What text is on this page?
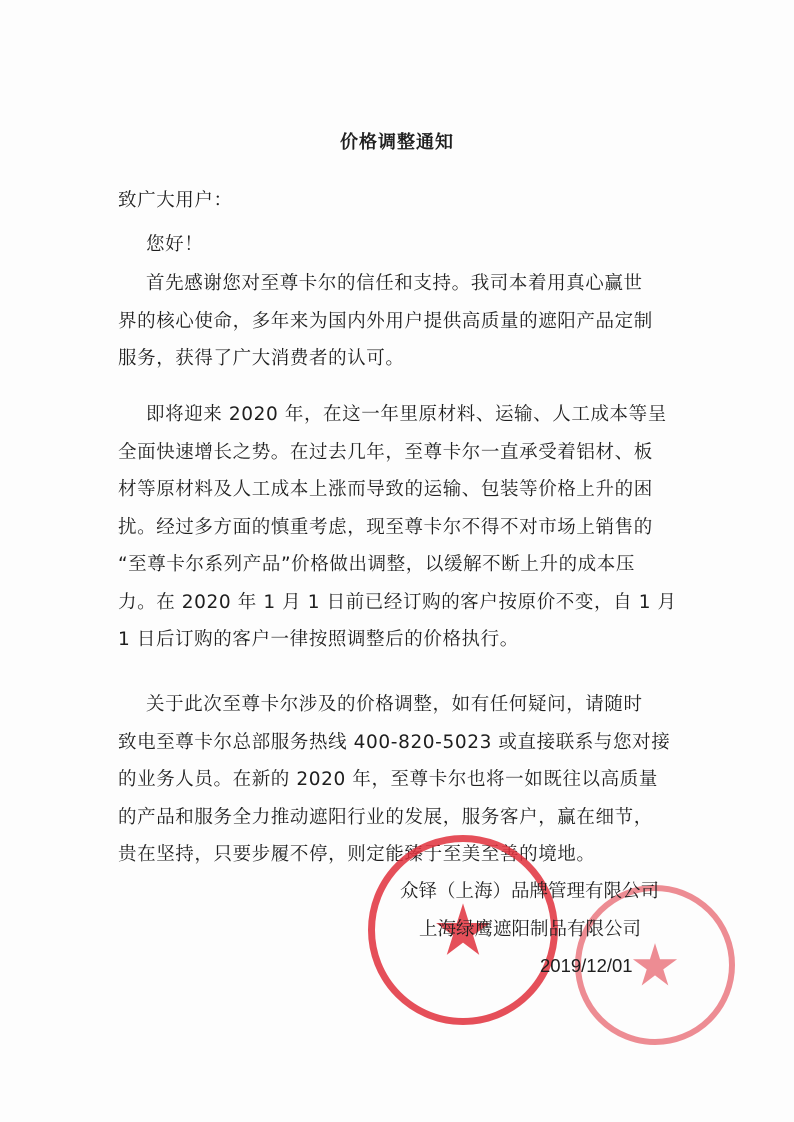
价格调整通知
致广大用户：
您好！
首先感谢您对至尊卡尔的信任和支持。我司本着用真心赢世
界的核心使命，多年来为国内外用户提供高质量的遮阳产品定制
服务，获得了广大消费者的认可。
即将迎来 2020 年，在这一年里原材料、运输、人工成本等呈
全面快速增长之势。在过去几年，至尊卡尔一直承受着铝材、板
材等原材料及人工成本上涨而导致的运输、包装等价格上升的困
扰。经过多方面的慎重考虑，现至尊卡尔不得不对市场上销售的
“至尊卡尔系列产品”价格做出调整，以缓解不断上升的成本压
力。在 2020 年 1 月 1 日前已经订购的客户按原价不变，自 1 月
1 日后订购的客户一律按照调整后的价格执行。
关于此次至尊卡尔涉及的价格调整，如有任何疑问，请随时
致电至尊卡尔总部服务热线 400-820-5023 或直接联系与您对接
的业务人员。在新的 2020 年，至尊卡尔也将一如既往以高质量
的产品和服务全力推动遮阳行业的发展，服务客户，赢在细节，
贵在坚持，只要步履不停，则定能臻于至美至善的境地。
众铎（上海）品牌管理有限公司
上海绿鹰遮阳制品有限公司
2019/12/01
